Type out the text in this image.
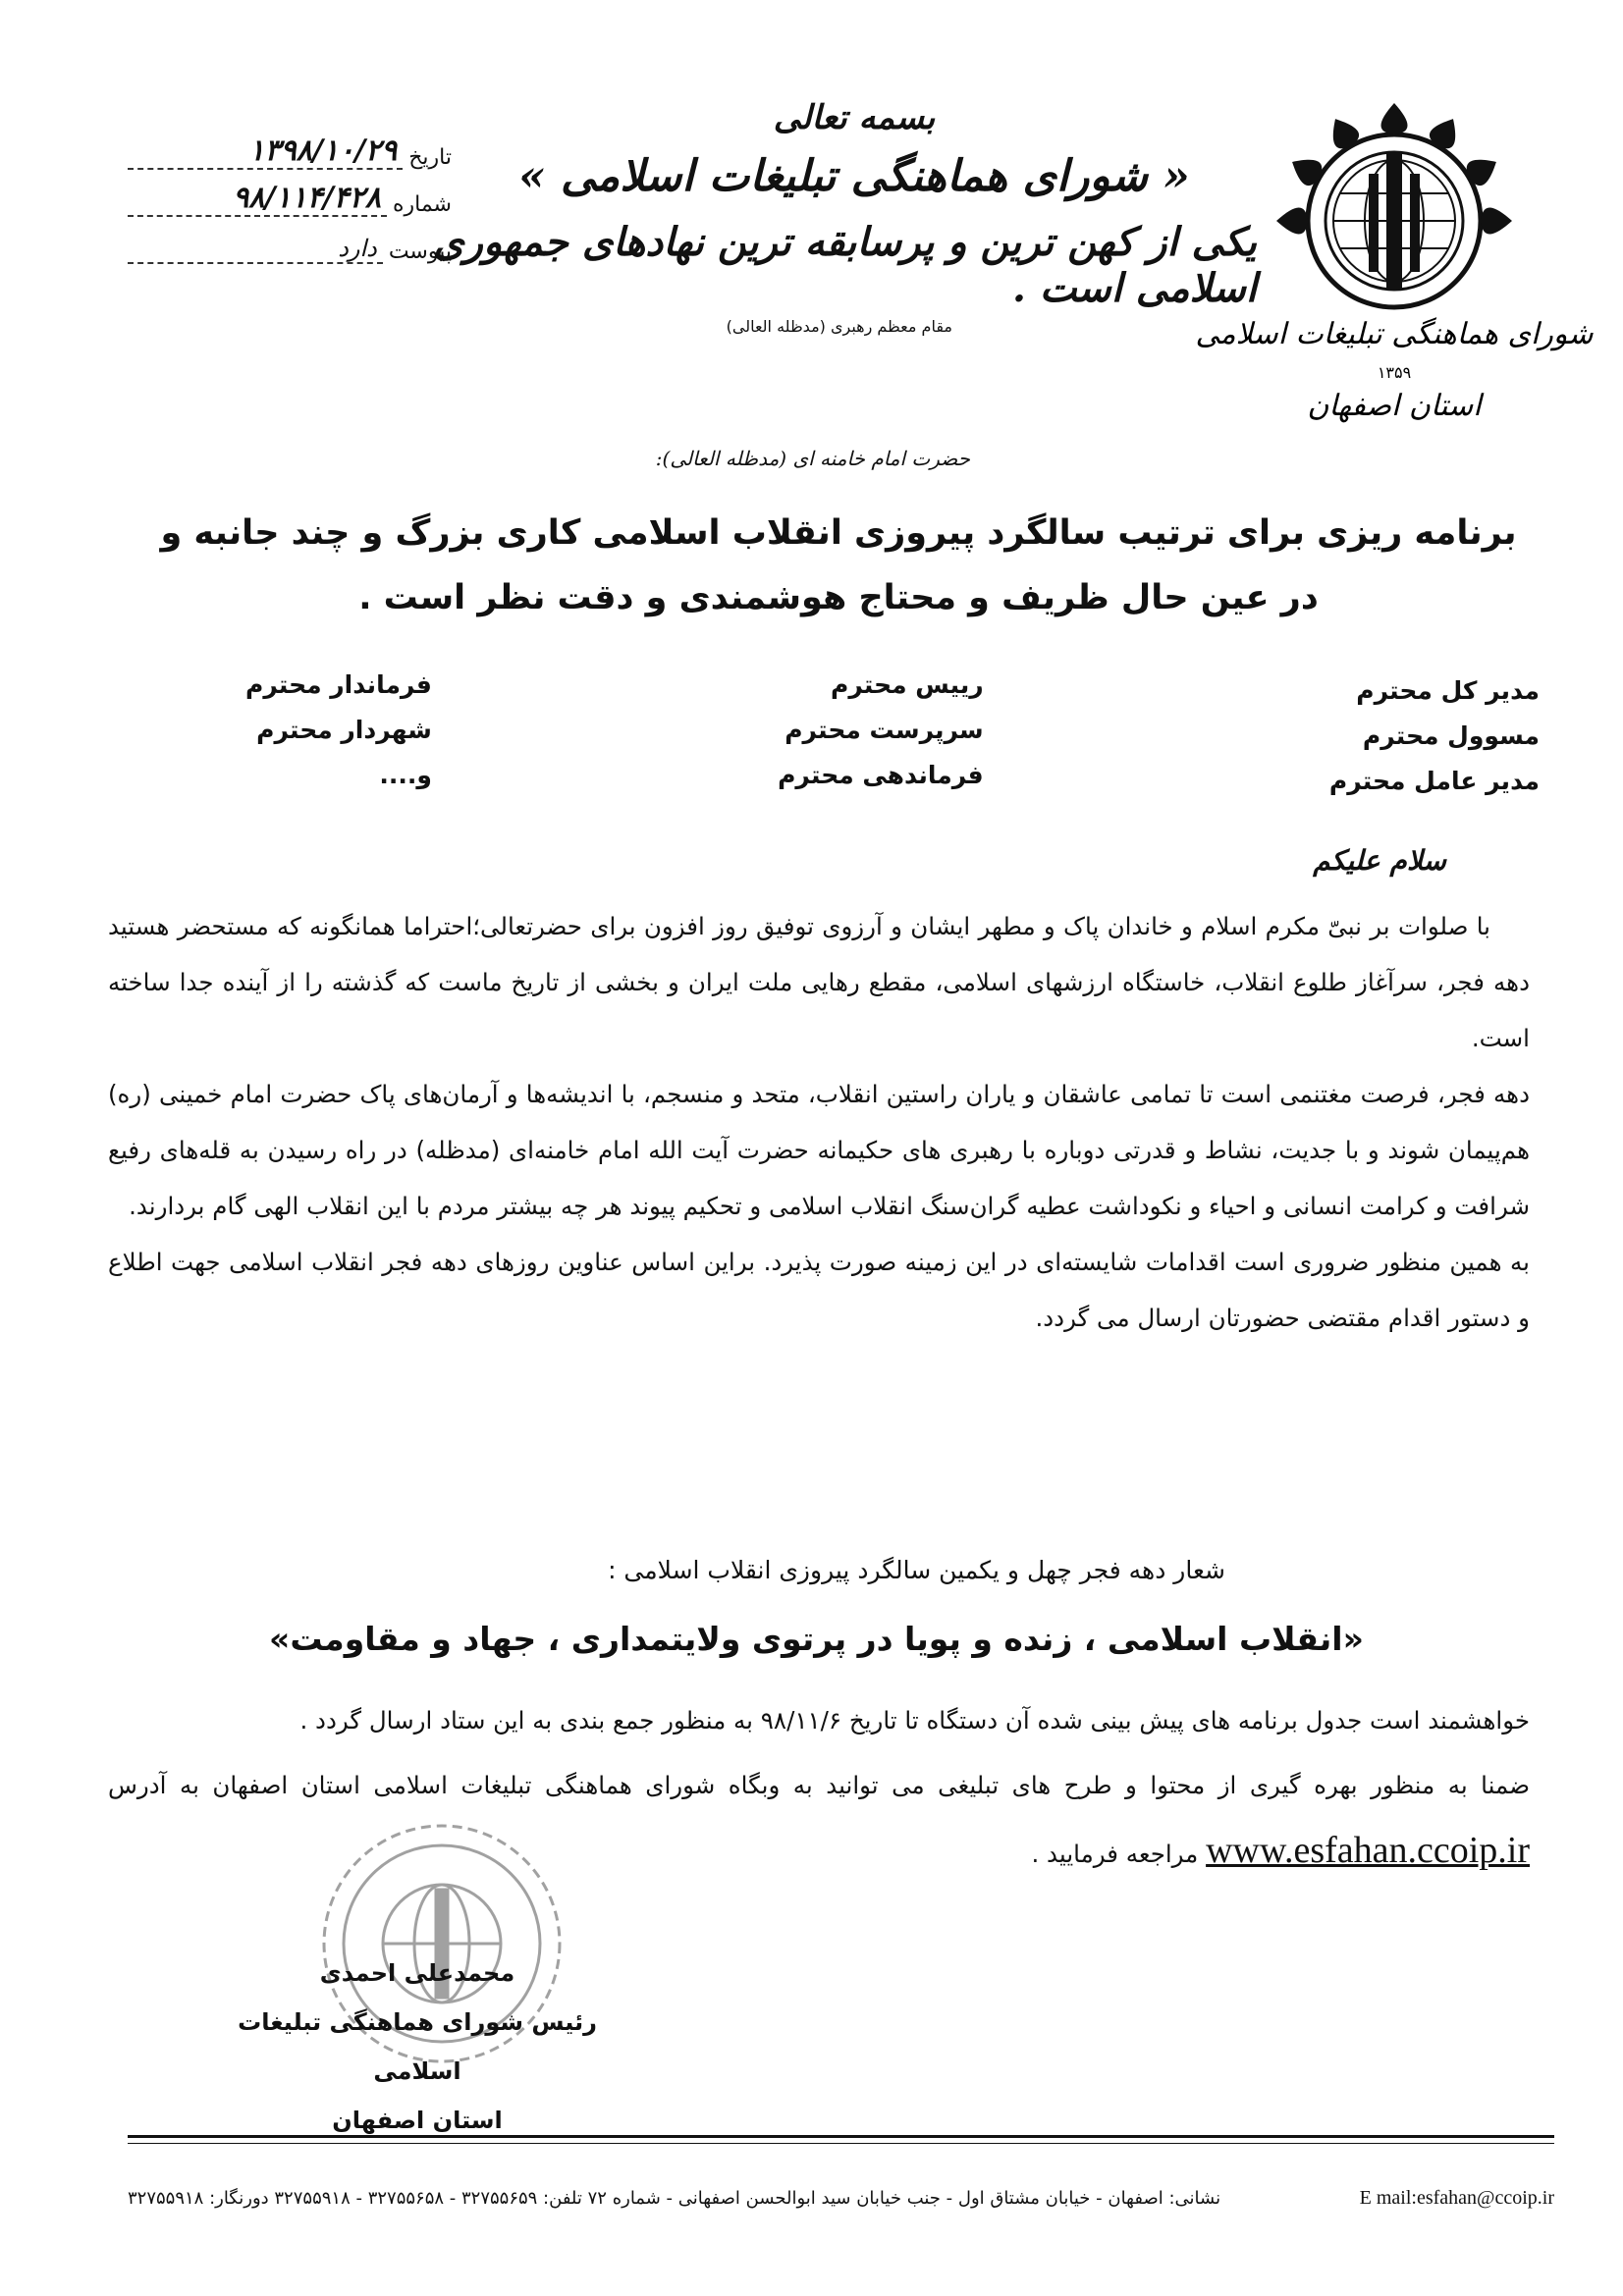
شورای هماهنگی تبلیغات اسلامی
۱۳۵۹
استان اصفهان
تاریخ
۱۳۹۸/۱۰/۲۹
شماره
۹۸/۱۱۴/۴۲۸
پیوست
دارد
بسمه تعالی
« شورای هماهنگی تبلیغات اسلامی »
یکی از کهن ترین و پرسابقه ترین نهادهای جمهوری اسلامی است .
مقام معظم رهبری (مدظله العالی)
حضرت امام خامنه ای (مدظله العالی):
برنامه ریزی برای ترتیب سالگرد پیروزی انقلاب اسلامی کاری بزرگ و چند جانبه و در عین حال ظریف و محتاج هوشمندی و دقت نظر است .
مدیر کل محترم
مسوول محترم
مدیر عامل محترم
رییس محترم
سرپرست محترم
فرماندهی محترم
فرماندار محترم
شهردار محترم
و....
سلام علیکم

با صلوات بر نبیّ مکرم اسلام و خاندان پاک و مطهر ایشان و آرزوی توفیق روز افزون برای حضرتعالی؛احتراما همانگونه که مستحضر هستید دهه فجر، سرآغاز طلوع انقلاب، خاستگاه ارزشهای اسلامی، مقطع رهایی ملت ایران و بخشی از تاریخ ماست که گذشته را از آینده جدا ساخته است.

دهه فجر، فرصت مغتنمی است تا تمامی عاشقان و یاران راستین انقلاب، متحد و منسجم، با اندیشه‌ها و آرمان‌های پاک حضرت امام خمینی (ره) هم‌پیمان شوند و با جدیت، نشاط و قدرتی دوباره با رهبری های حکیمانه حضرت آیت الله امام خامنه‌ای (مدظله) در راه رسیدن به قله‌های رفیع شرافت و کرامت انسانی و احیاء و نکوداشت عطیه گران‌سنگ انقلاب اسلامی و تحکیم پیوند هر چه بیشتر مردم با این انقلاب الهی گام بردارند.

به همین منظور ضروری است اقدامات شایسته‌ای در این زمینه صورت پذیرد. براین اساس عناوین روزهای دهه فجر انقلاب اسلامی جهت اطلاع و دستور اقدام مقتضی حضورتان ارسال می گردد.

شعار دهه فجر چهل و یکمین سالگرد پیروزی انقلاب اسلامی :
«انقلاب اسلامی ، زنده و پویا در پرتوی ولایتمداری ، جهاد و مقاومت»

خواهشمند است جدول برنامه های پیش بینی شده آن دستگاه تا تاریخ ۹۸/۱۱/۶ به منظور جمع بندی به این ستاد ارسال گردد .

ضمنا به منظور بهره گیری از محتوا و طرح های تبلیغی می توانید به وبگاه شورای هماهنگی تبلیغات اسلامی استان اصفهان به آدرس www.esfahan.ccoip.ir مراجعه فرمایید .

محمدعلی احمدی
رئیس شورای هماهنگی تبلیغات اسلامی
استان اصفهان
E mail:esfahan@ccoip.ir
نشانی: اصفهان - خیابان مشتاق اول - جنب خیابان سید ابوالحسن اصفهانی - شماره ۷۲ تلفن: ۳۲۷۵۵۶۵۹ - ۳۲۷۵۵۶۵۸ - ۳۲۷۵۵۹۱۸ دورنگار: ۳۲۷۵۵۹۱۸
